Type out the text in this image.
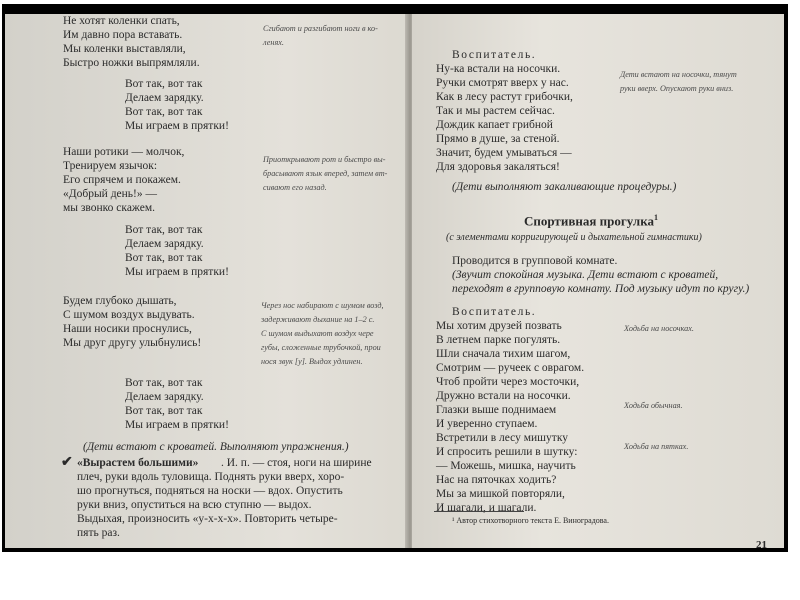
Не хотят коленки спать,
Им давно пора вставать.
Мы коленки выставляли,
Быстро ножки выпрямляли.
Сгибают и разгибают ноги в ко-
ленях.
Вот так, вот так
Делаем зарядку.
Вот так, вот так
Мы играем в прятки!
Наши ротики — молчок,
Тренируем язычок:
Его спрячем и покажем.
«Добрый день!» —
мы звонко скажем.
Приоткрывают рот и быстро вы-
брасывают язык вперед, затем вт-
сивают его назад.
Вот так, вот так
Делаем зарядку.
Вот так, вот так
Мы играем в прятки!
Будем глубоко дышать,
С шумом воздух выдувать.
Наши носики проснулись,
Мы друг другу улыбнулись!
Через нос набирают с шумом возд,
задерживают дыхание на 1–2 с.
С шумом выдыхают воздух чере
губы, сложенные трубочкой, прои
нося звук [у]. Выдох удлинен.
Вот так, вот так
Делаем зарядку.
Вот так, вот так
Мы играем в прятки!
(Дети встают с кроватей. Выполняют упражнения.)
✔ «Вырастем большими» . И. п. — стоя, ноги на ширине
плеч, руки вдоль туловища. Поднять руки вверх, хоро-
шо прогнуться, подняться на носки — вдох. Опустить
руки вниз, опуститься на всю ступню — выдох.
Выдыхая, произносить «у-х-х-х». Повторить четыре-
пять раз.
Воспитатель.
Ну-ка встали на носочки.
Ручки смотрят вверх у нас.
Как в лесу растут грибочки,
Так и мы растем сейчас.
Дождик капает грибной
Прямо в душе, за стеной.
Значит, будем умываться —
Для здоровья закаляться!
Дети встают на носочки, тянут
руки вверх. Опускают руки вниз.
(Дети выполняют закаливающие процедуры.)
Спортивная прогулка$^1$
(с элементами корригирующей и дыхательной гимнастики)
Проводится в групповой комнате.
(Звучит спокойная музыка. Дети встают с кроватей,
переходят в групповую комнату. Под музыку идут по кругу.)
Воспитатель.
Мы хотим друзей позвать
В летнем парке погулять.
Шли сначала тихим шагом,
Смотрим — ручеек с оврагом.
Чтоб пройти через мосточки,
Дружно встали на носочки.
Глазки выше поднимаем
И уверенно ступаем.
Встретили в лесу мишутку
И спросить решили в шутку:
— Можешь, мишка, научить
Нас на пяточках ходить?
Мы за мишкой повторяли,
И шагали, и шагали.
Ходьба на носочках.
Ходьба обычная.
Ходьба на пятках.
¹ Автор стихотворного текста Е. Виноградова.
21
